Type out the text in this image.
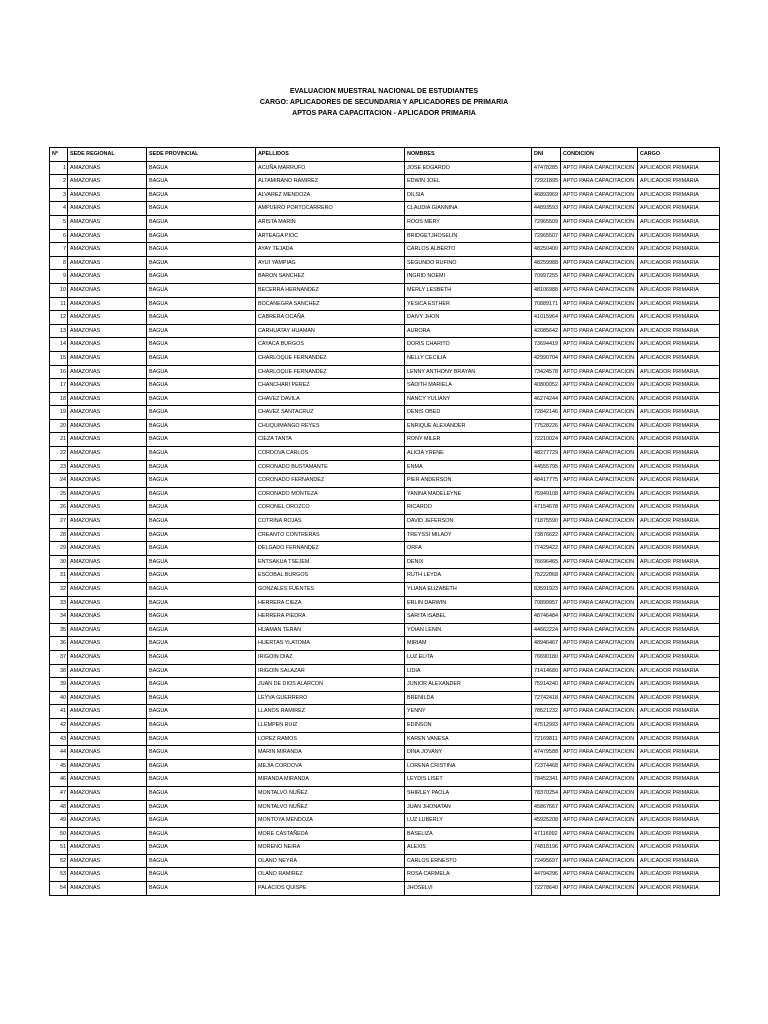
EVALUACION MUESTRAL NACIONAL DE ESTUDIANTES
CARGO: APLICADORES DE SECUNDARIA Y APLICADORES DE PRIMARIA
APTOS PARA CAPACITACION - APLICADOR PRIMARIA
Nº	SEDE REGIONAL	SEDE PROVINCIAL	APELLIDOS	NOMBRES	DNI	CONDICION	CARGO
1	AMAZONAS	BAGUA	ACUÑA MARRUFO	JOSE EDGARDO	47478285	APTO PARA CAPACITACION	APLICADOR PRIMARIA
2	AMAZONAS	BAGUA	ALTAMIRANO RAMIREZ	EDWIN JOEL	72921895	APTO PARA CAPACITACION	APLICADOR PRIMARIA
3	AMAZONAS	BAGUA	ALVAREZ MENDOZA	DILSIA	46893969	APTO PARA CAPACITACION	APLICADOR PRIMARIA
4	AMAZONAS	BAGUA	AMPUERO PORTOCARRERO	CLAUDIA GIANNINA	44893593	APTO PARA CAPACITACION	APLICADOR PRIMARIA
5	AMAZONAS	BAGUA	ARISTA MARIN	ROOS MERY	72965509	APTO PARA CAPACITACION	APLICADOR PRIMARIA
6	AMAZONAS	BAGUA	ARTEAGA PIOC	BRIDGETJHOSELIN	72965507	APTO PARA CAPACITACION	APLICADOR PRIMARIA
7	AMAZONAS	BAGUA	AYAY TEJADA	CARLOS ALBERTO	48250400	APTO PARA CAPACITACION	APLICADOR PRIMARIA
8	AMAZONAS	BAGUA	AYUI YAMPIAG	SEGUNDO RUFINO	48259988	APTO PARA CAPACITACION	APLICADOR PRIMARIA
9	AMAZONAS	BAGUA	BARON SANCHEZ	INGRID NOEMI	70997255	APTO PARA CAPACITACION	APLICADOR PRIMARIA
10	AMAZONAS	BAGUA	BECERRA HERNANDEZ	MERLY LESBETH	48106988	APTO PARA CAPACITACION	APLICADOR PRIMARIA
11	AMAZONAS	BAGUA	BOCANEGRA SANCHEZ	YESICA ESTHER	70889171	APTO PARA CAPACITACION	APLICADOR PRIMARIA
12	AMAZONAS	BAGUA	CABRERA OCAÑA	DAIVY JHON	41015964	APTO PARA CAPACITACION	APLICADOR PRIMARIA
13	AMAZONAS	BAGUA	CARHUATAY HUAMAN	AURORA	42085642	APTO PARA CAPACITACION	APLICADOR PRIMARIA
14	AMAZONAS	BAGUA	CAYACA BURGOS	DORIS CHARITO	73694419	APTO PARA CAPACITACION	APLICADOR PRIMARIA
15	AMAZONAS	BAGUA	CHARLOQUE FERNANDEZ	NELLY CECILIA	42990704	APTO PARA CAPACITACION	APLICADOR PRIMARIA
16	AMAZONAS	BAGUA	CHARLOQUE FERNANDEZ	LENNY ANTHONY BRAYAN	73424578	APTO PARA CAPACITACION	APLICADOR PRIMARIA
17	AMAZONAS	BAGUA	CHANCHARI PEREZ	SADITH MARIELA	40800052	APTO PARA CAPACITACION	APLICADOR PRIMARIA
18	AMAZONAS	BAGUA	CHAVEZ DAVILA	NANCY YULIANY	46274244	APTO PARA CAPACITACION	APLICADOR PRIMARIA
19	AMAZONAS	BAGUA	CHAVEZ SANTACRUZ	DENIS OBED	72842146	APTO PARA CAPACITACION	APLICADOR PRIMARIA
20	AMAZONAS	BAGUA	CHUQUIMANGO REYES	ENRIQUE ALEXANDER	77528226	APTO PARA CAPACITACION	APLICADOR PRIMARIA
21	AMAZONAS	BAGUA	CIEZA TANTA	RONY MILER	72210024	APTO PARA CAPACITACION	APLICADOR PRIMARIA
22	AMAZONAS	BAGUA	CORDOVA CARLOS	ALICIA YRENE	48277729	APTO PARA CAPACITACION	APLICADOR PRIMARIA
23	AMAZONAS	BAGUA	CORONADO BUSTAMANTE	ENMA	44555795	APTO PARA CAPACITACION	APLICADOR PRIMARIA
24	AMAZONAS	BAGUA	CORONADO FERNANDEZ	PIER ANDERSON	48417775	APTO PARA CAPACITACION	APLICADOR PRIMARIA
25	AMAZONAS	BAGUA	CORONADO MONTEZA	YANINA MADELEYNE	75949108	APTO PARA CAPACITACION	APLICADOR PRIMARIA
26	AMAZONAS	BAGUA	CORONEL OROZCO	RICARDO	47154678	APTO PARA CAPACITACION	APLICADOR PRIMARIA
27	AMAZONAS	BAGUA	COTRINA ROJAS	DAVID JEFERSON	71875590	APTO PARA CAPACITACION	APLICADOR PRIMARIA
28	AMAZONAS	BAGUA	CREANTO CONTRERAS	TREYSSI MILADY	73876622	APTO PARA CAPACITACION	APLICADOR PRIMARIA
29	AMAZONAS	BAGUA	DELGADO FERNANDEZ	ORFA	77429422	APTO PARA CAPACITACION	APLICADOR PRIMARIA
30	AMAZONAS	BAGUA	ENTSAKUA TSEJEM	DENIX	76696465	APTO PARA CAPACITACION	APLICADOR PRIMARIA
31	AMAZONAS	BAGUA	ESCOBAL BURGOS	RUTH LEYDA	75222068	APTO PARA CAPACITACION	APLICADOR PRIMARIA
32	AMAZONAS	BAGUA	GONZALES FUENTES	YLIANA ELIZABETH	83591923	APTO PARA CAPACITACION	APLICADOR PRIMARIA
33	AMAZONAS	BAGUA	HERRERA CIEZA	ERLIN DARWIN	70899957	APTO PARA CAPACITACION	APLICADOR PRIMARIA
34	AMAZONAS	BAGUA	HERRERA PIEDRA	SARITA ISABEL	48746484	APTO PARA CAPACITACION	APLICADOR PRIMARIA
35	AMAZONAS	BAGUA	HUAMAN TERAN	YOIAN LENIN	44662224	APTO PARA CAPACITACION	APLICADOR PRIMARIA
36	AMAZONAS	BAGUA	HUERTAS YLATOMA	MIRIAM	48946467	APTO PARA CAPACITACION	APLICADOR PRIMARIA
37	AMAZONAS	BAGUA	IRIGOIN DIAZ	LUZ ELITA	76690180	APTO PARA CAPACITACION	APLICADOR PRIMARIA
38	AMAZONAS	BAGUA	IRIGOIN SALAZAR	LIDIA	71414680	APTO PARA CAPACITACION	APLICADOR PRIMARIA
39	AMAZONAS	BAGUA	JUAN DE DIOS ALARCON	JUNIOR ALEXANDER	75914240	APTO PARA CAPACITACION	APLICADOR PRIMARIA
40	AMAZONAS	BAGUA	LEYVA GUERRERO	BRENILDA	72742418	APTO PARA CAPACITACION	APLICADOR PRIMARIA
41	AMAZONAS	BAGUA	LLANOS RAMIREZ	YENNY	78521232	APTO PARA CAPACITACION	APLICADOR PRIMARIA
42	AMAZONAS	BAGUA	LLEMPEN RUIZ	EDINSON	47512993	APTO PARA CAPACITACION	APLICADOR PRIMARIA
43	AMAZONAS	BAGUA	LOPEZ RAMOS	KAREN VANESA	72169811	APTO PARA CAPACITACION	APLICADOR PRIMARIA
44	AMAZONAS	BAGUA	MARIN MIRANDA	DINA JOVANY	47479588	APTO PARA CAPACITACION	APLICADOR PRIMARIA
45	AMAZONAS	BAGUA	MEJIA CORDOVA	LORENA CRISTINA	72374468	APTO PARA CAPACITACION	APLICADOR PRIMARIA
46	AMAZONAS	BAGUA	MIRANDA MIRANDA	LEYDIS LISET	78452341	APTO PARA CAPACITACION	APLICADOR PRIMARIA
47	AMAZONAS	BAGUA	MONTALVO NUÑEZ	SHIRLEY PAOLA	78370254	APTO PARA CAPACITACION	APLICADOR PRIMARIA
48	AMAZONAS	BAGUA	MONTALVO NUÑEZ	JUAN JHONATAN	45867667	APTO PARA CAPACITACION	APLICADOR PRIMARIA
49	AMAZONAS	BAGUA	MONTOYA MENDOZA	LUZ LUBERLY	45925208	APTO PARA CAPACITACION	APLICADOR PRIMARIA
50	AMAZONAS	BAGUA	MORE CASTAÑEDA	BASELIZA	47116992	APTO PARA CAPACITACION	APLICADOR PRIMARIA
51	AMAZONAS	BAGUA	MORENO NEIRA	ALEXIS	74818196	APTO PARA CAPACITACION	APLICADOR PRIMARIA
52	AMAZONAS	BAGUA	OLANO NEYRA	CARLOS ERNESTO	72495697	APTO PARA CAPACITACION	APLICADOR PRIMARIA
53	AMAZONAS	BAGUA	OLANO RAMIREZ	ROSA CARMELA	44794296	APTO PARA CAPACITACION	APLICADOR PRIMARIA
54	AMAZONAS	BAGUA	PALACIOS QUISPE	JHOSELVI	72278640	APTO PARA CAPACITACION	APLICADOR PRIMARIA
